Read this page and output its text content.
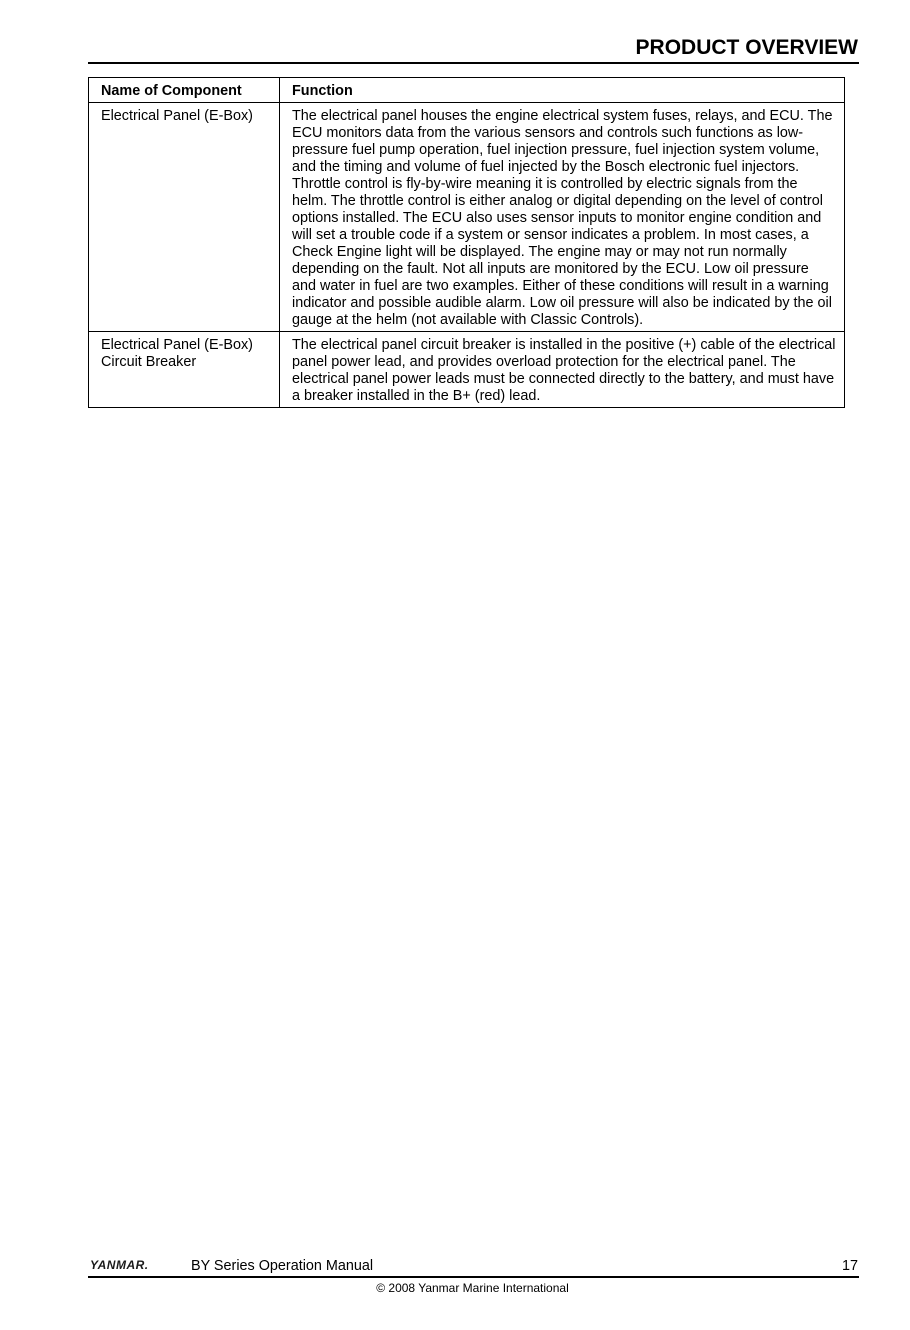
PRODUCT OVERVIEW
Name of Component	Function

Electrical Panel (E-Box)	The electrical panel houses the engine electrical system fuses, relays, and ECU. The ECU monitors data from the various sensors and controls such functions as low-pressure fuel pump operation, fuel injection pressure, fuel injection system volume, and the timing and volume of fuel injected by the Bosch electronic fuel injectors. Throttle control is fly-by-wire meaning it is controlled by electric signals from the helm. The throttle control is either analog or digital depending on the level of control options installed. The ECU also uses sensor inputs to monitor engine condition and will set a trouble code if a system or sensor indicates a problem. In most cases, a Check Engine light will be displayed. The engine may or may not run normally depending on the fault. Not all inputs are monitored by the ECU. Low oil pressure and water in fuel are two examples. Either of these conditions will result in a warning indicator and possible audible alarm. Low oil pressure will also be indicated by the oil gauge at the helm (not available with Classic Controls).

Electrical Panel (E-Box)
Circuit Breaker	The electrical panel circuit breaker is installed in the positive (+) cable of the electrical panel power lead, and provides overload protection for the electrical panel. The electrical panel power leads must be connected directly to the battery, and must have a breaker installed in the B+ (red) lead.
YANMAR.	BY Series Operation Manual	17
© 2008 Yanmar Marine International
